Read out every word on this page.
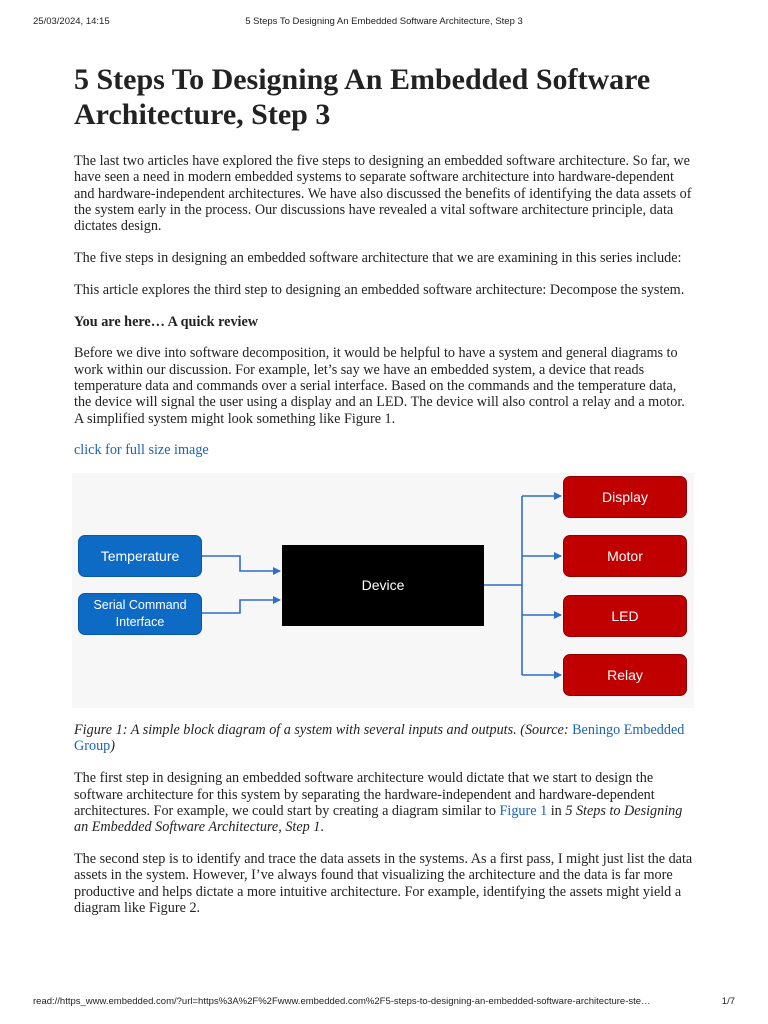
25/03/2024, 14:15	5 Steps To Designing An Embedded Software Architecture, Step 3
5 Steps To Designing An Embedded Software Architecture, Step 3

The last two articles have explored the five steps to designing an embedded software architecture. So far, we have seen a need in modern embedded systems to separate software architecture into hardware-dependent and hardware-independent architectures. We have also discussed the benefits of identifying the data assets of the system early in the process. Our discussions have revealed a vital software architecture principle, data dictates design.

The five steps in designing an embedded software architecture that we are examining in this series include:

This article explores the third step to designing an embedded software architecture: Decompose the system.

You are here… A quick review

Before we dive into software decomposition, it would be helpful to have a system and general diagrams to work within our discussion. For example, let’s say we have an embedded system, a device that reads temperature data and commands over a serial interface. Based on the commands and the temperature data, the device will signal the user using a display and an LED. The device will also control a relay and a motor. A simplified system might look something like Figure 1.

click for full size image

Temperature
Serial Command Interface
Device
Display
Motor
LED
Relay

Figure 1: A simple block diagram of a system with several inputs and outputs. (Source: Beningo Embedded Group)

The first step in designing an embedded software architecture would dictate that we start to design the software architecture for this system by separating the hardware-independent and hardware-dependent architectures. For example, we could start by creating a diagram similar to Figure 1 in 5 Steps to Designing an Embedded Software Architecture, Step 1.

The second step is to identify and trace the data assets in the systems. As a first pass, I might just list the data assets in the system. However, I’ve always found that visualizing the architecture and the data is far more productive and helps dictate a more intuitive architecture. For example, identifying the assets might yield a diagram like Figure 2.

read://https_www.embedded.com/?url=https%3A%2F%2Fwww.embedded.com%2F5-steps-to-designing-an-embedded-software-architecture-ste…	1/7
